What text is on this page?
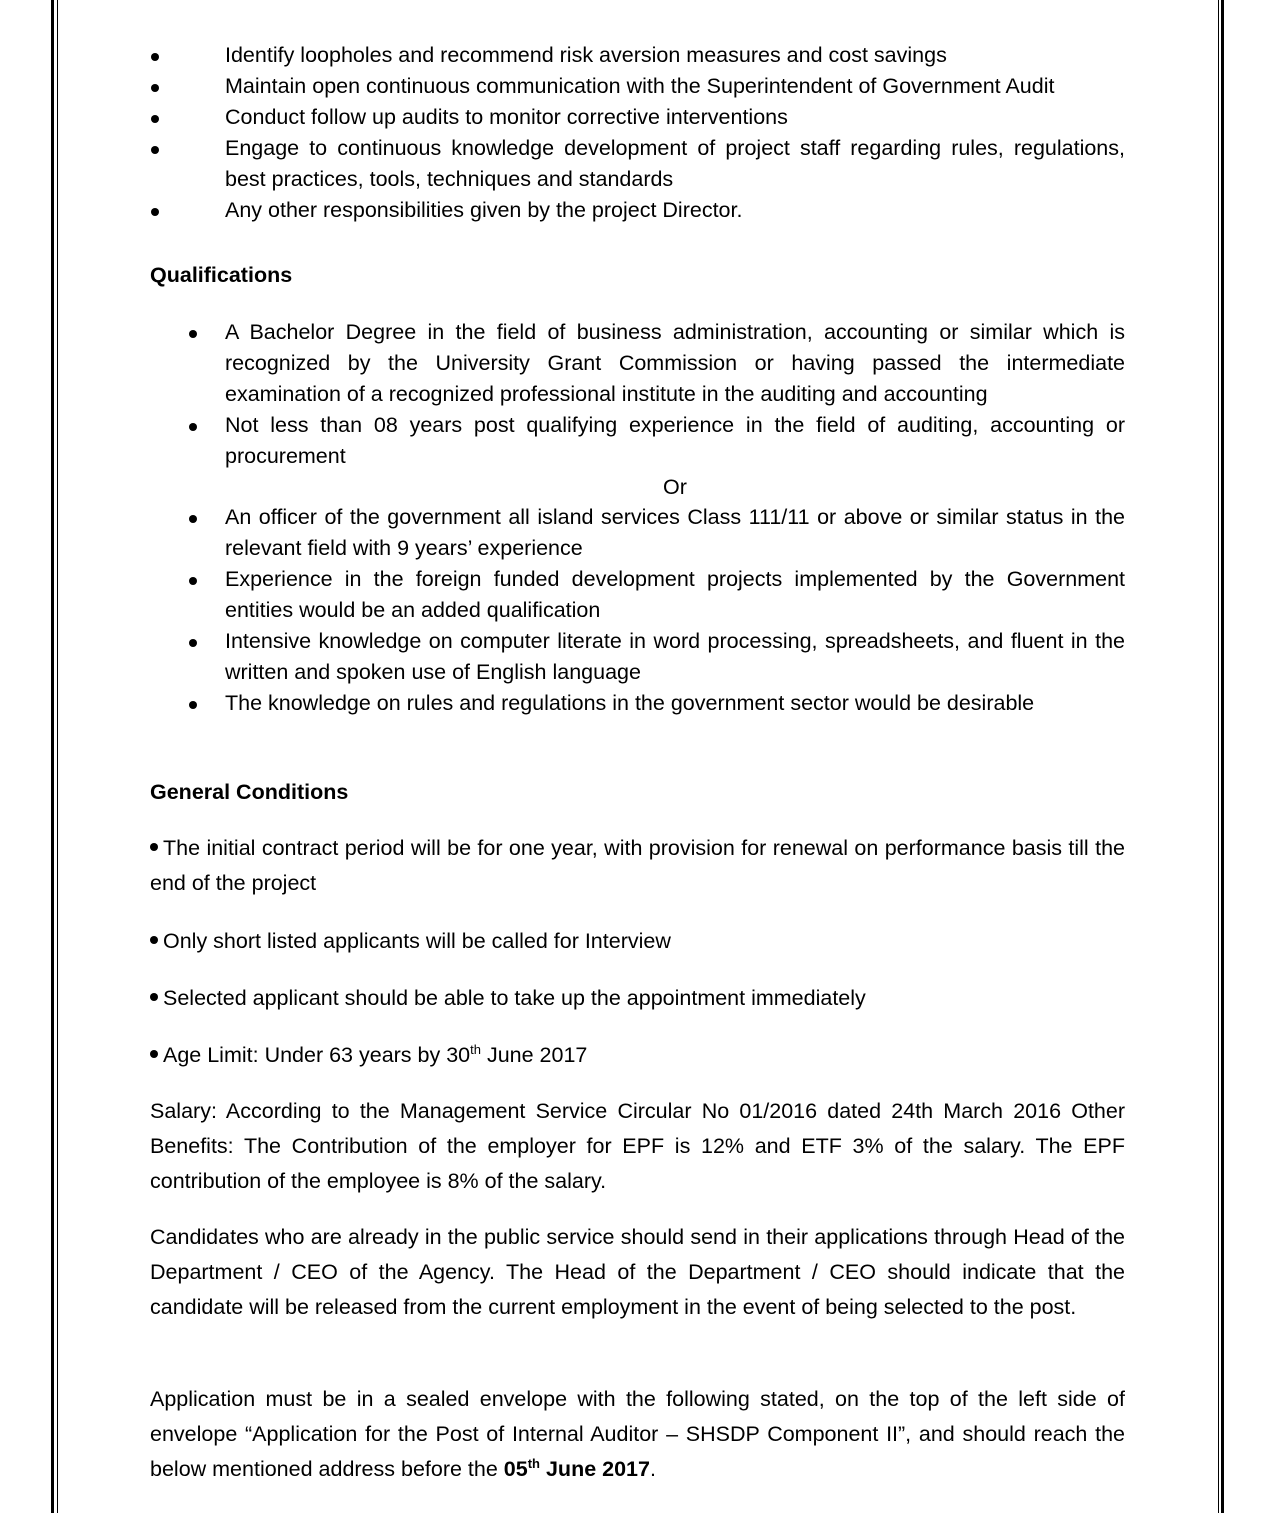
Identify loopholes and recommend risk aversion measures and cost savings
Maintain open continuous communication with the Superintendent of Government Audit
Conduct follow up audits to monitor corrective interventions
Engage to continuous knowledge development of project staff regarding rules, regulations, best practices, tools, techniques and standards
Any other responsibilities given by the project Director.
Qualifications
A Bachelor Degree in the field of business administration, accounting or similar which is recognized by the University Grant Commission or having passed the intermediate examination of a recognized professional institute in the auditing and accounting
Not less than 08 years post qualifying experience in the field of auditing, accounting or procurement
Or
An officer of the government all island services Class 111/11 or above or similar status in the relevant field with 9 years’ experience
Experience in the foreign funded development projects implemented by the Government entities would be an added qualification
Intensive knowledge on computer literate in word processing, spreadsheets, and fluent in the written and spoken use of English language
The knowledge on rules and regulations in the government sector would be desirable
General Conditions
The initial contract period will be for one year, with provision for renewal on performance basis till the end of the project
Only short listed applicants will be called for Interview
Selected applicant should be able to take up the appointment immediately
Age Limit: Under 63 years by 30th June 2017
Salary: According to the Management Service Circular No 01/2016 dated 24th March 2016 Other Benefits: The Contribution of the employer for EPF is 12% and ETF 3% of the salary. The EPF contribution of the employee is 8% of the salary.
Candidates who are already in the public service should send in their applications through Head of the Department / CEO of the Agency. The Head of the Department / CEO should indicate that the candidate will be released from the current employment in the event of being selected to the post.
Application must be in a sealed envelope with the following stated, on the top of the left side of envelope “Application for the Post of Internal Auditor – SHSDP Component II”, and should reach the below mentioned address before the 05th June 2017.
